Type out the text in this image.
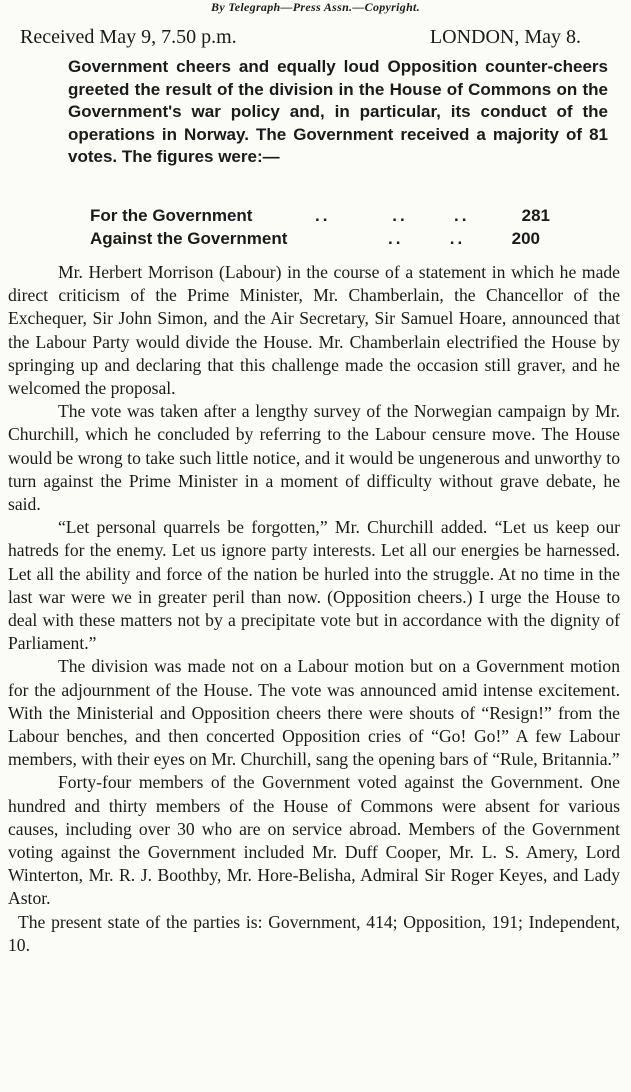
By Telegraph—Press Assn.—Copyright.
Received May 9, 7.50 p.m.	LONDON, May 8.
Government cheers and equally loud Opposition counter-cheers greeted the result of the division in the House of Commons on the Government's war policy and, in particular, its conduct of the operations in Norway. The Government received a majority of 81 votes. The figures were:—
For the Government	..        ..      ..	281
Against the Government	..      ..	200

Mr. Herbert Morrison (Labour) in the course of a statement in which he made direct criticism of the Prime Minister, Mr. Chamberlain, the Chancellor of the Exchequer, Sir John Simon, and the Air Secretary, Sir Samuel Hoare, announced that the Labour Party would divide the House. Mr. Chamberlain electrified the House by springing up and declaring that this challenge made the occasion still graver, and he welcomed the proposal.

The vote was taken after a lengthy survey of the Norwegian campaign by Mr. Churchill, which he concluded by referring to the Labour censure move. The House would be wrong to take such little notice, and it would be ungenerous and unworthy to turn against the Prime Minister in a moment of difficulty without grave debate, he said.

“Let personal quarrels be forgotten,” Mr. Churchill added. “Let us keep our hatreds for the enemy. Let us ignore party interests. Let all our energies be harnessed. Let all the ability and force of the nation be hurled into the struggle. At no time in the last war were we in greater peril than now. (Opposition cheers.) I urge the House to deal with these matters not by a precipitate vote but in accordance with the dignity of Parliament.”

The division was made not on a Labour motion but on a Government motion for the adjournment of the House. The vote was announced amid intense excitement. With the Ministerial and Opposition cheers there were shouts of “Resign!” from the Labour benches, and then concerted Opposition cries of “Go! Go!” A few Labour members, with their eyes on Mr. Churchill, sang the opening bars of “Rule, Britannia.”

Forty-four members of the Government voted against the Government. One hundred and thirty members of the House of Commons were absent for various causes, including over 30 who are on service abroad. Members of the Government voting against the Government included Mr. Duff Cooper, Mr. L. S. Amery, Lord Winterton, Mr. R. J. Boothby, Mr. Hore-Belisha, Admiral Sir Roger Keyes, and Lady Astor.

The present state of the parties is: Government, 414; Opposition, 191; Independent, 10.
